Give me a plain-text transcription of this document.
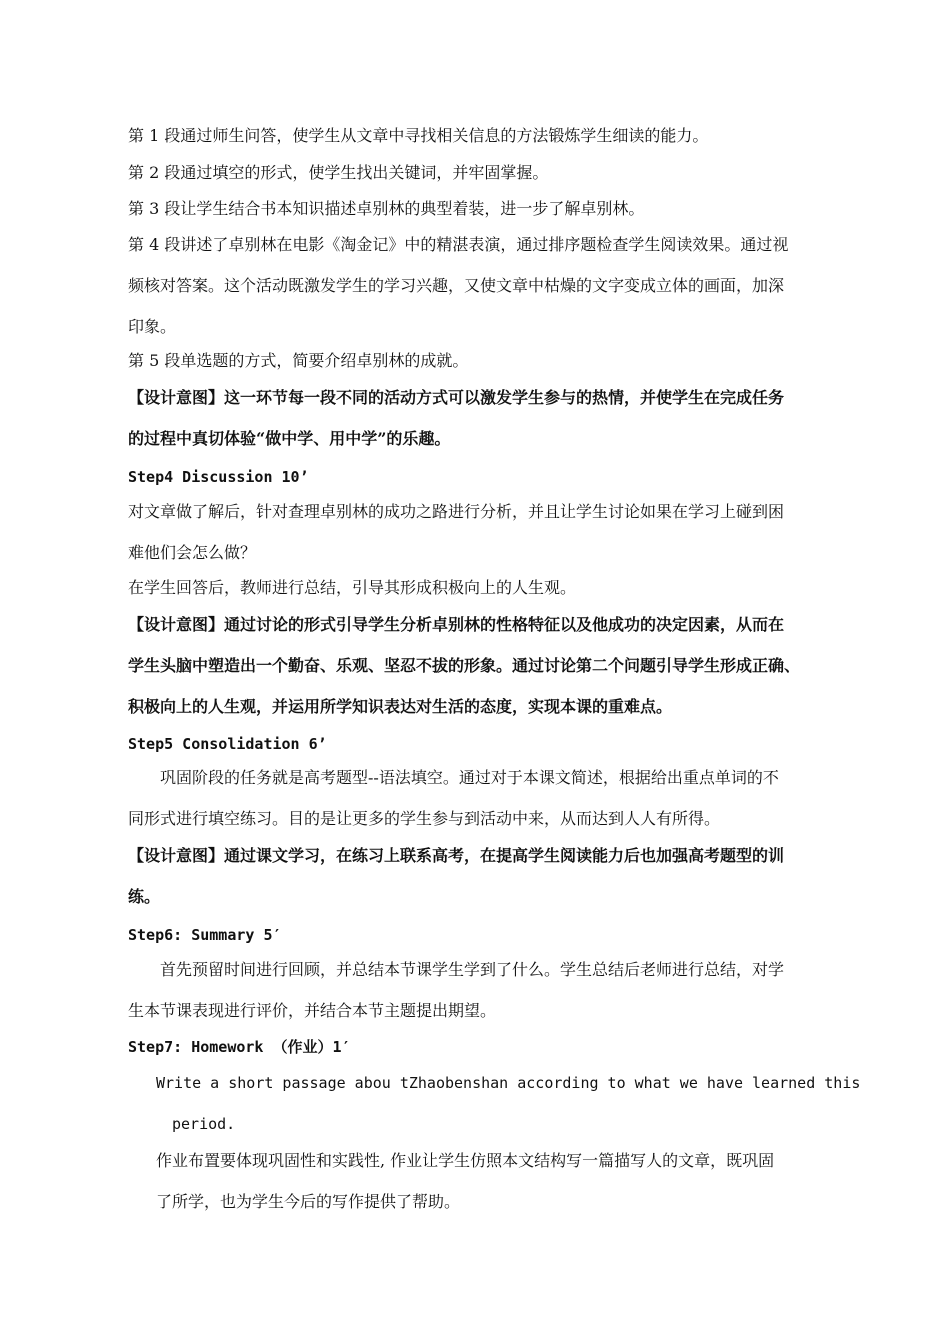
第 1 段通过师生问答，使学生从文章中寻找相关信息的方法锻炼学生细读的能力。

第 2 段通过填空的形式，使学生找出关键词，并牢固掌握。

第 3 段让学生结合书本知识描述卓别林的典型着装，进一步了解卓别林。

第 4 段讲述了卓别林在电影《淘金记》中的精湛表演，通过排序题检查学生阅读效果。通过视

频核对答案。这个活动既激发学生的学习兴趣，又使文章中枯燥的文字变成立体的画面，加深

印象。

第 5 段单选题的方式，简要介绍卓别林的成就。

【设计意图】这一环节每一段不同的活动方式可以激发学生参与的热情，并使学生在完成任务

的过程中真切体验“做中学、用中学”的乐趣。

Step4 Discussion 10’

对文章做了解后，针对查理卓别林的成功之路进行分析，并且让学生讨论如果在学习上碰到困

难他们会怎么做？

在学生回答后，教师进行总结，引导其形成积极向上的人生观。

【设计意图】通过讨论的形式引导学生分析卓别林的性格特征以及他成功的决定因素，从而在

学生头脑中塑造出一个勤奋、乐观、坚忍不拔的形象。通过讨论第二个问题引导学生形成正确、

积极向上的人生观，并运用所学知识表达对生活的态度，实现本课的重难点。

Step5 Consolidation 6’

巩固阶段的任务就是高考题型--语法填空。通过对于本课文简述，根据给出重点单词的不

同形式进行填空练习。目的是让更多的学生参与到活动中来，从而达到人人有所得。

【设计意图】通过课文学习，在练习上联系高考，在提高学生阅读能力后也加强高考题型的训

练。

Step6: Summary 5′

首先预留时间进行回顾，并总结本节课学生学到了什么。学生总结后老师进行总结，对学

生本节课表现进行评价，并结合本节主题提出期望。

Step7: Homework （作业）1′

Write a short passage abou tZhaobenshan according to what we have learned this

period.

作业布置要体现巩固性和实践性, 作业让学生仿照本文结构写一篇描写人的文章，既巩固

了所学，也为学生今后的写作提供了帮助。
